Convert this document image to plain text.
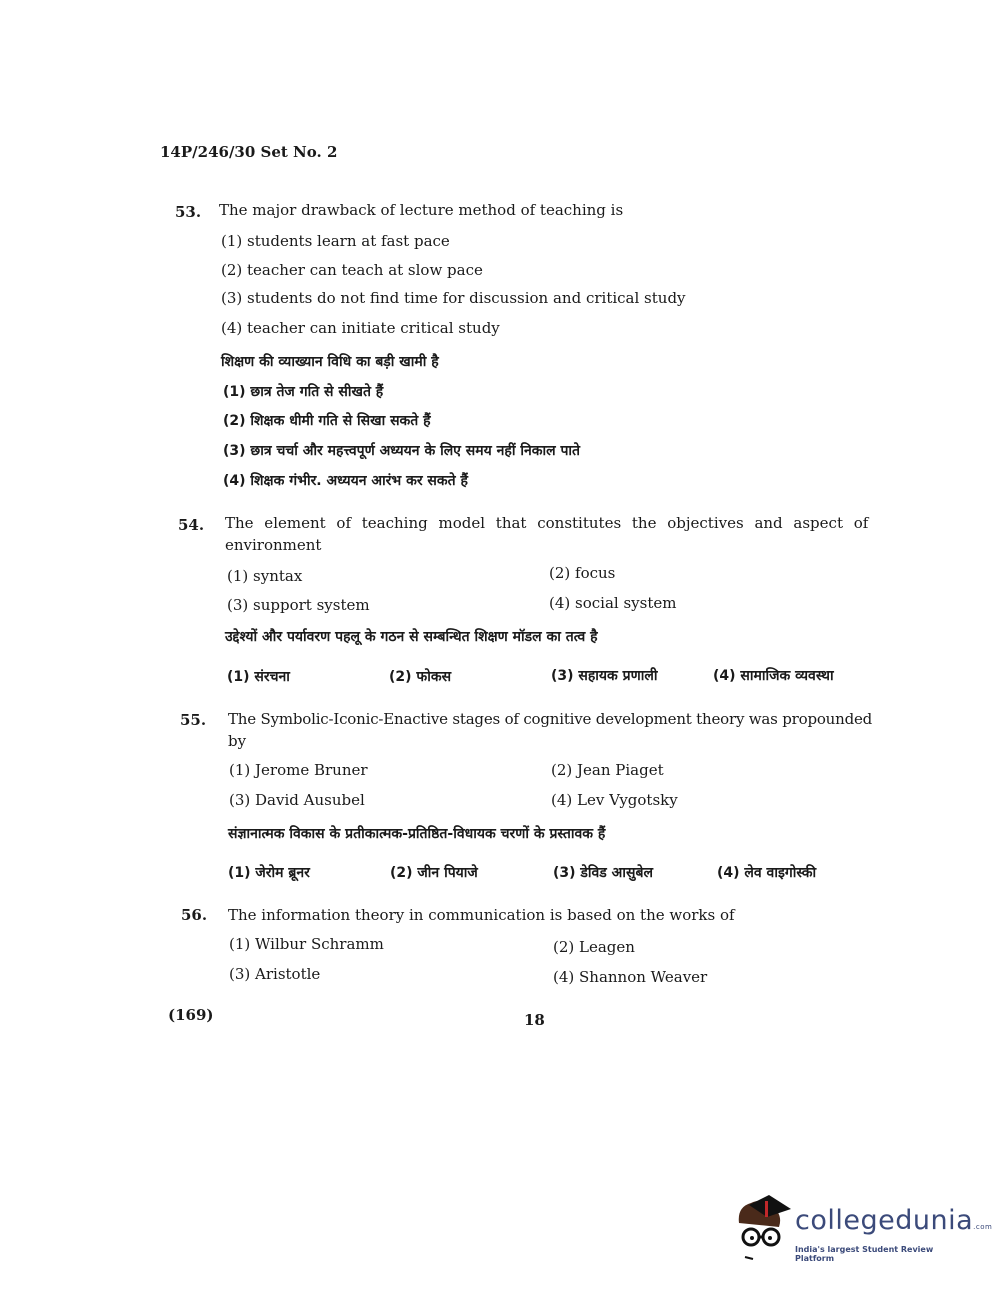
14P/246/30 Set No. 2
53. The major drawback of lecture method of teaching is
(1) students learn at fast pace
(2) teacher can teach at slow pace
(3) students do not find time for discussion and critical study
(4) teacher can initiate critical study
शिक्षण की व्याख्यान विधि का बड़ी खामी है
(1) छात्र तेज गति से सीखते हैं
(2) शिक्षक धीमी गति से सिखा सकते हैं
(3) छात्र चर्चा और महत्त्वपूर्ण अध्ययन के लिए समय नहीं निकाल पाते
(4) शिक्षक गंभीर. अध्ययन आरंभ कर सकते हैं
54. The element of teaching model that constitutes the objectives and aspect of
environment
(1) syntax	(2) focus
(3) support system	(4) social system
उद्देश्यों और पर्यावरण पहलू के गठन से सम्बन्धित शिक्षण मॉडल का तत्व है
(1) संरचना	(2) फोकस	(3) सहायक प्रणाली	(4) सामाजिक व्यवस्था
55. The Symbolic-Iconic-Enactive stages of cognitive development theory was propounded
by
(1) Jerome Bruner	(2) Jean Piaget
(3) David Ausubel	(4) Lev Vygotsky
संज्ञानात्मक विकास के प्रतीकात्मक-प्रतिष्ठित-विधायक चरणों के प्रस्तावक हैं
(1) जेरोम ब्रूनर	(2) जीन पियाजे	(3) डेविड आसुबेल	(4) लेव वाइगोस्की
56. The information theory in communication is based on the works of
(1) Wilbur Schramm	(2) Leagen
(3) Aristotle	(4) Shannon Weaver
(169)	18
collegedunia.com
India's largest Student Review Platform
